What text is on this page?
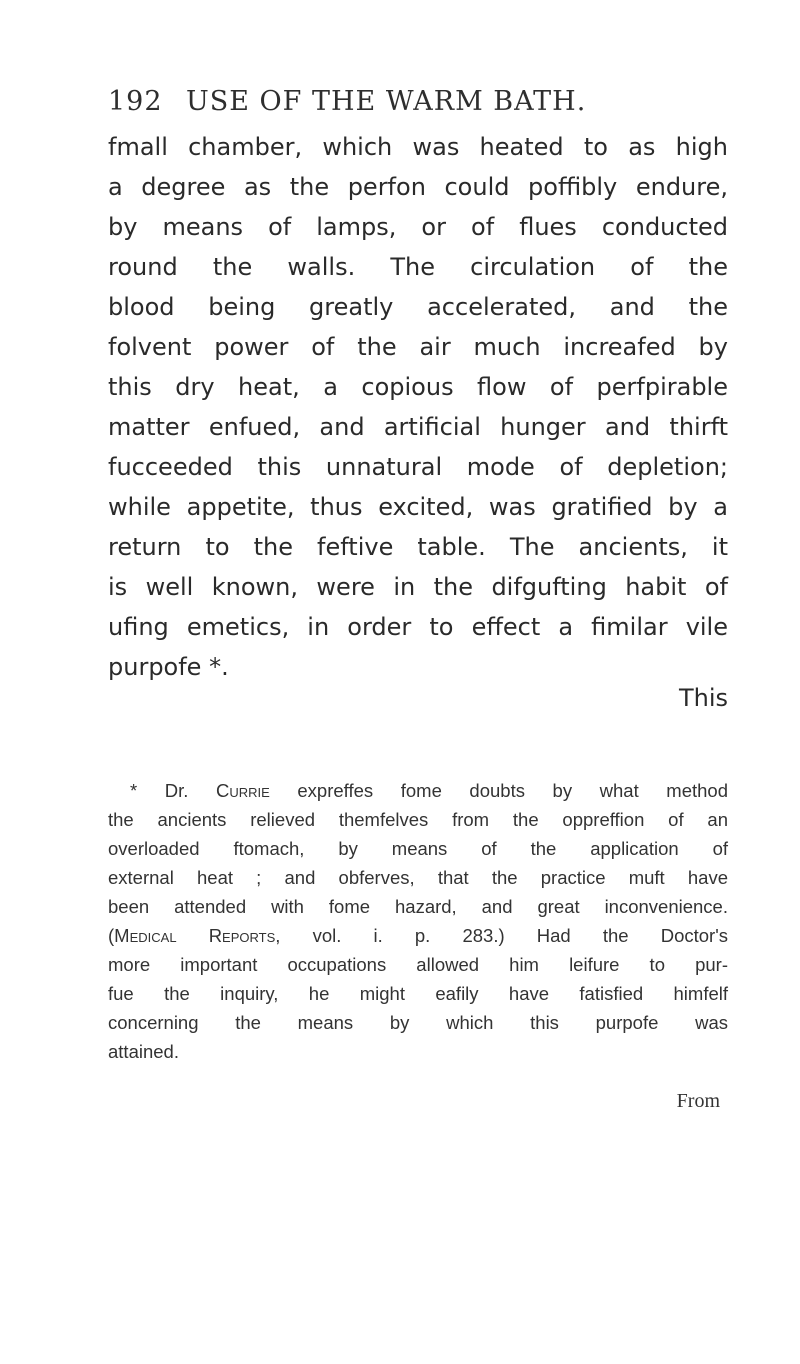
192 USE OF THE WARM BATH.
fmall chamber, which was heated to as high
a degree as the perfon could poffibly endure,
by means of lamps, or of flues conducted
round the walls. The circulation of the
blood being greatly accelerated, and the
folvent power of the air much increafed by
this dry heat, a copious flow of perfpirable
matter enfued, and artificial hunger and thirft
fucceeded this unnatural mode of depletion;
while appetite, thus excited, was gratified by a
return to the feftive table. The ancients, it
is well known, were in the difgufting habit of
ufing emetics, in order to effect a fimilar vile
purpofe *.
This
* Dr. Currie expreffes fome doubts by what method
the ancients relieved themfelves from the oppreffion of an
overloaded ftomach, by means of the application of
external heat ; and obferves, that the practice muft have
been attended with fome hazard, and great inconvenience.
(Medical Reports, vol. i. p. 283.) Had the Doctor's
more important occupations allowed him leifure to pur-
fue the inquiry, he might eafily have fatisfied himfelf
concerning the means by which this purpofe was
attained.
From
